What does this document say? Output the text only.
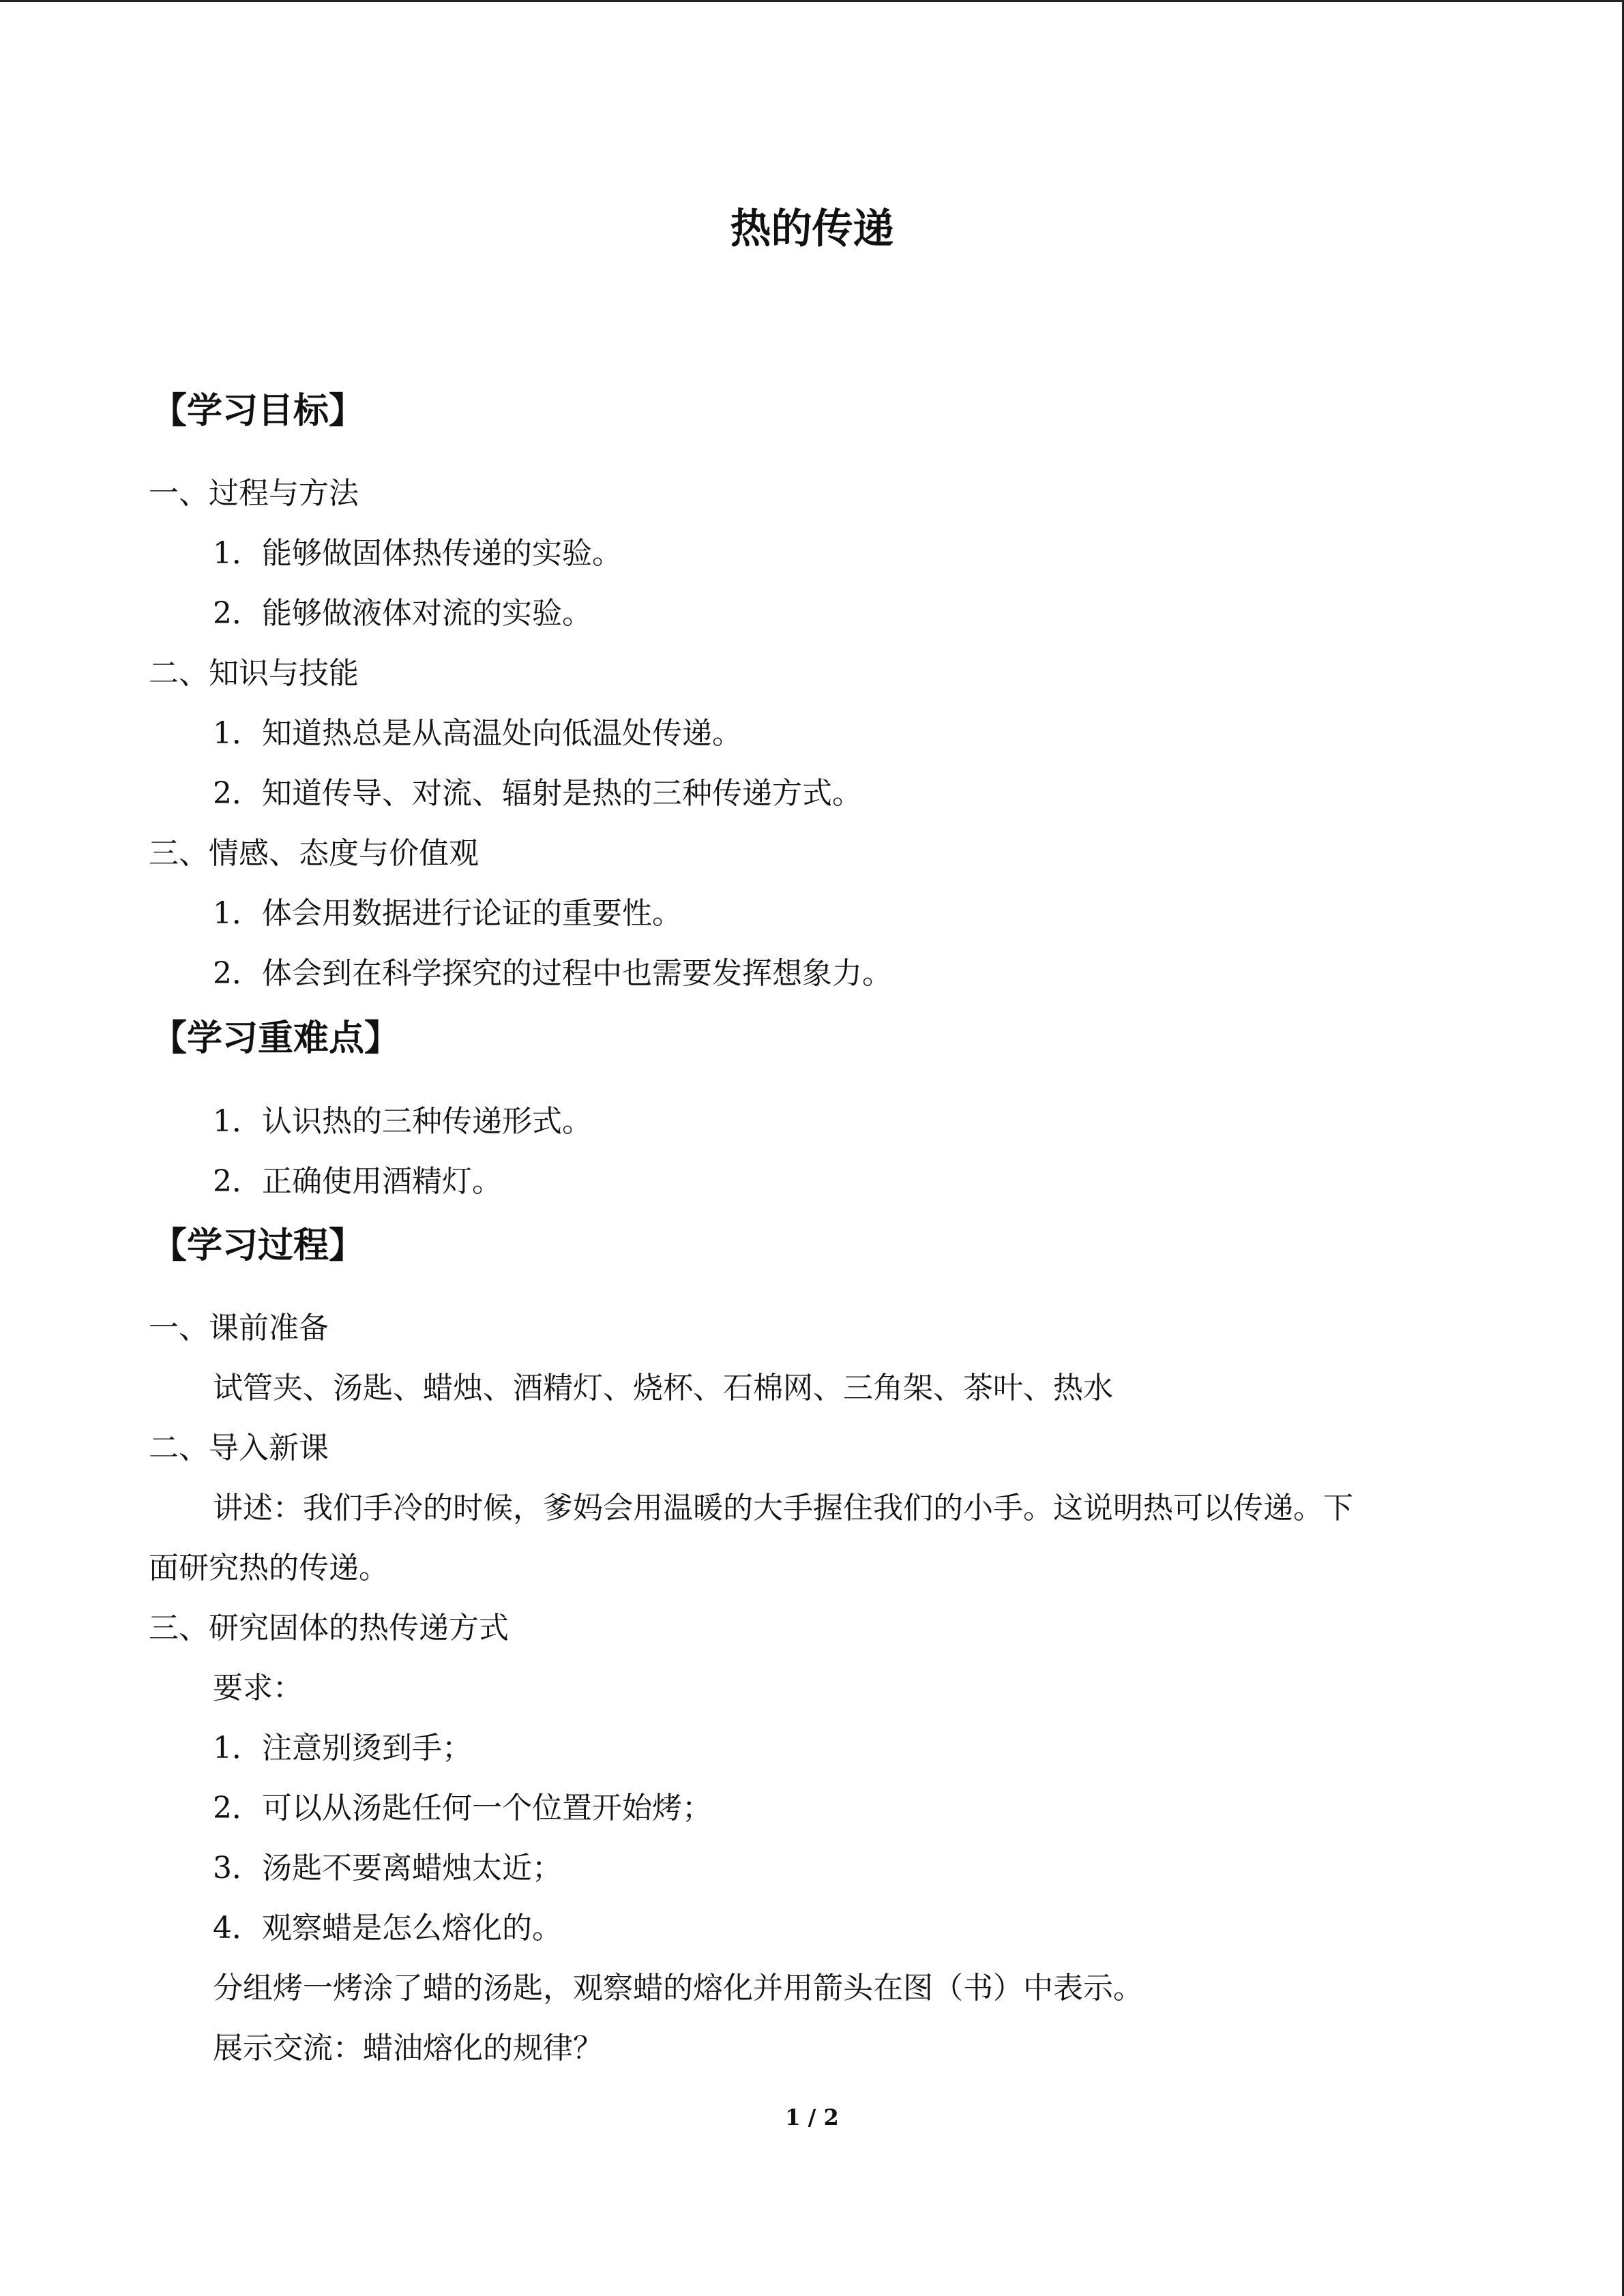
热的传递
【学习目标】
一、过程与方法
1．能够做固体热传递的实验。
2．能够做液体对流的实验。
二、知识与技能
1．知道热总是从高温处向低温处传递。
2．知道传导、对流、辐射是热的三种传递方式。
三、情感、态度与价值观
1．体会用数据进行论证的重要性。
2．体会到在科学探究的过程中也需要发挥想象力。
【学习重难点】
1．认识热的三种传递形式。
2．正确使用酒精灯。
【学习过程】
一、课前准备
试管夹、汤匙、蜡烛、酒精灯、烧杯、石棉网、三角架、茶叶、热水
二、导入新课
讲述：我们手冷的时候，爹妈会用温暖的大手握住我们的小手。这说明热可以传递。下
面研究热的传递。
三、研究固体的热传递方式
要求：
1．注意别烫到手；
2．可以从汤匙任何一个位置开始烤；
3．汤匙不要离蜡烛太近；
4．观察蜡是怎么熔化的。
分组烤一烤涂了蜡的汤匙，观察蜡的熔化并用箭头在图（书）中表示。
展示交流：蜡油熔化的规律？
1 / 2
